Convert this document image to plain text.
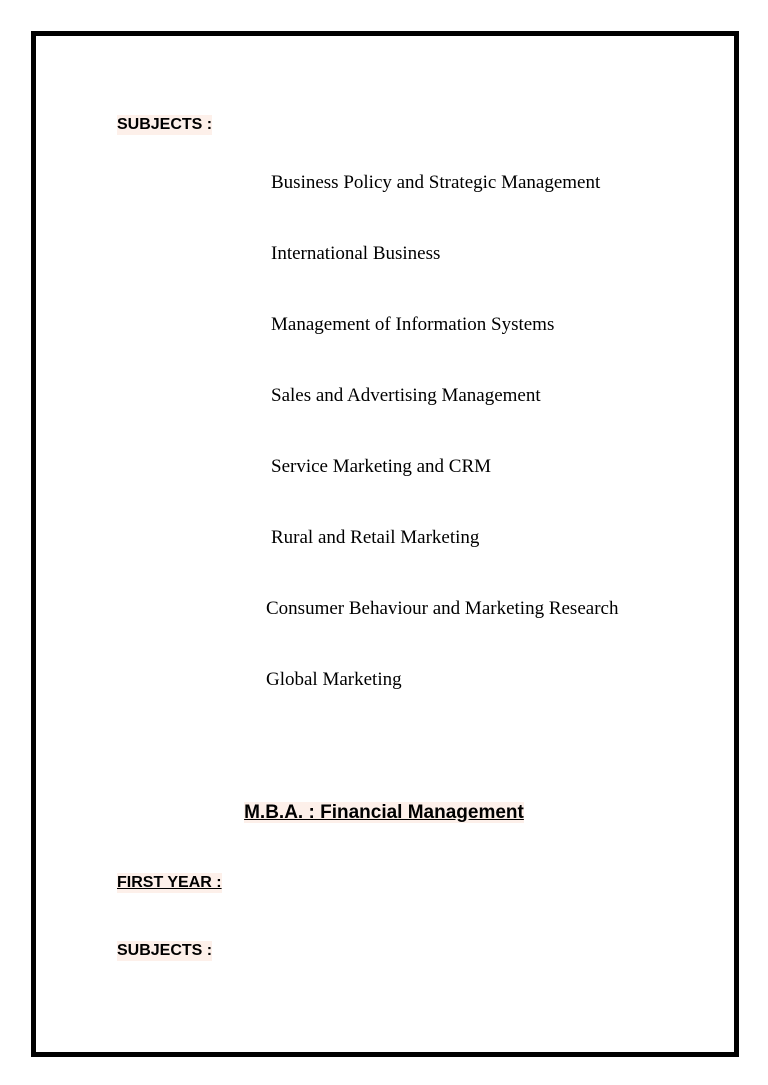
SUBJECTS :
Business Policy and Strategic Management
International Business
Management of Information Systems
Sales and Advertising Management
Service Marketing and CRM
Rural and Retail Marketing
Consumer Behaviour and Marketing Research
Global Marketing
M.B.A. : Financial Management
FIRST YEAR :
SUBJECTS :
